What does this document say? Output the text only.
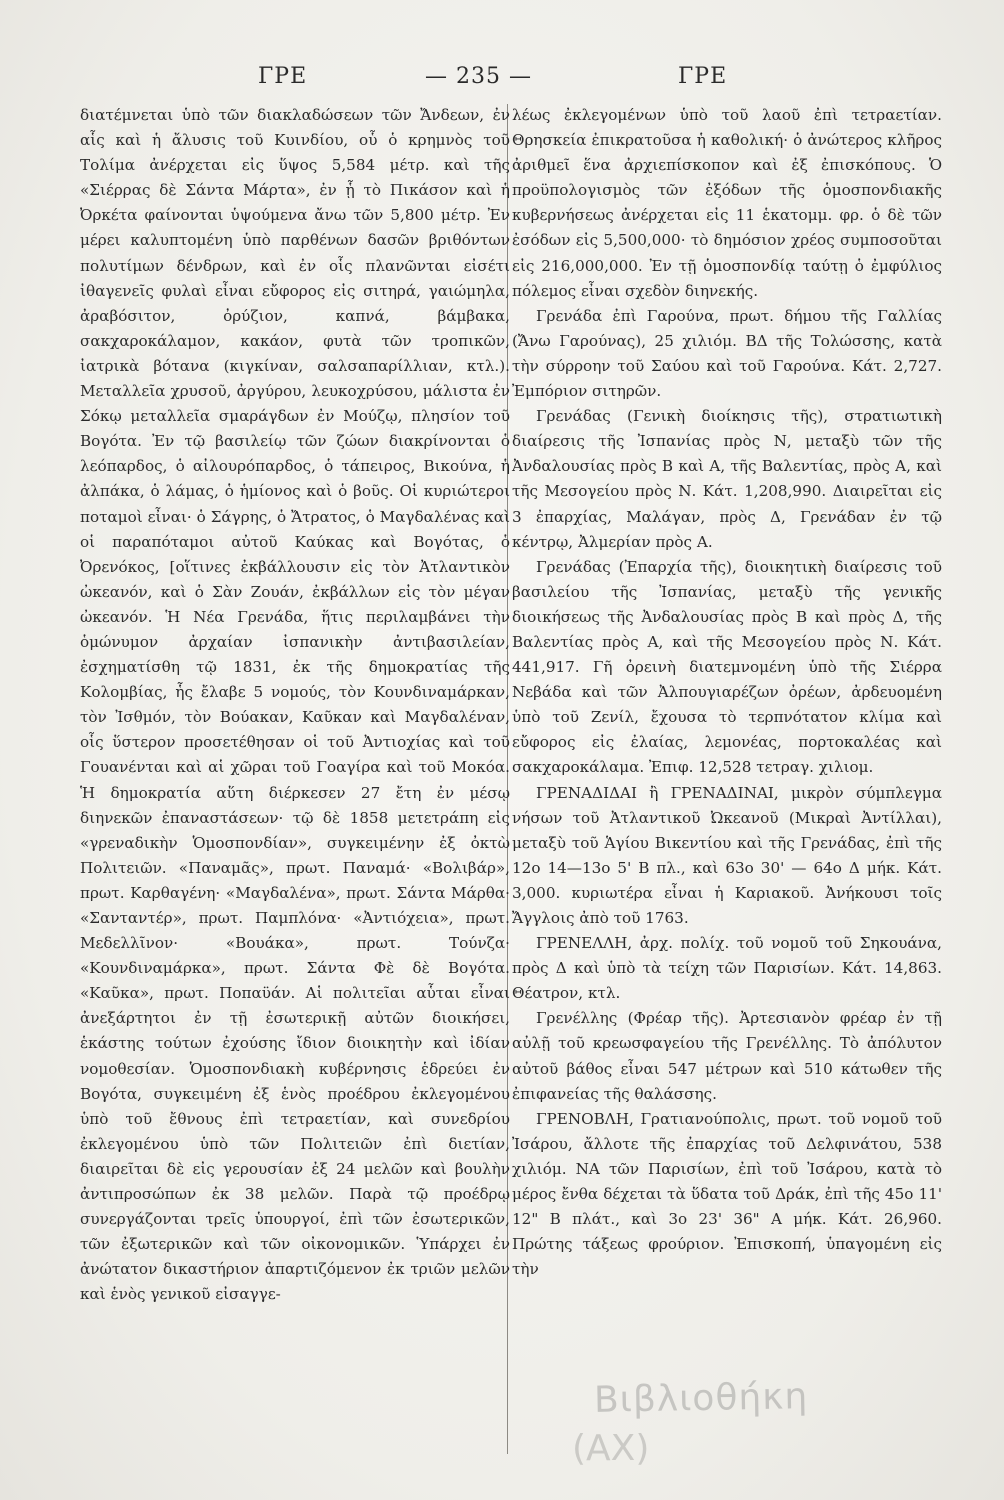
ΓΡΕ	— 235 —	ΓΡΕ

διατέμνεται ὑπὸ τῶν διακλαδώσεων τῶν Ἄνδεων, ἐν αἷς καὶ ἡ ἄλυσις τοῦ Κυινδίου, οὗ ὁ κρημνὸς τοῦ Τολίμα ἀνέρχεται εἰς ὕψος 5,584 μέτρ. καὶ τῆς «Σιέρρας δὲ Σάντα Μάρτα», ἐν ᾗ τὸ Πικάσον καὶ ἡ Ὀρκέτα φαίνονται ὑψούμενα ἄνω τῶν 5,800 μέτρ. Ἐν μέρει καλυπτομένη ὑπὸ παρθένων δασῶν βριθόντων πολυτίμων δένδρων, καὶ ἐν οἷς πλανῶνται εἰσέτι ἰθαγενεῖς φυλαὶ εἶναι εὔφορος εἰς σιτηρά, γαιώμηλα, ἀραβόσιτον, ὀρύζιον, καπνά, βάμβακα, σακχαροκάλαμον, κακάον, φυτὰ τῶν τροπικῶν, ἰατρικὰ βότανα (κιγκίναν, σαλσαπαρίλλιαν, κτλ.). Μεταλλεῖα χρυσοῦ, ἀργύρου, λευκοχρύσου, μάλιστα ἐν Σόκῳ μεταλλεῖα σμαράγδων ἐν Μούζῳ, πλησίον τοῦ Βογότα. Ἐν τῷ βασιλείῳ τῶν ζώων διακρίνονται ὁ λεόπαρδος, ὁ αἰλουρόπαρδος, ὁ τάπειρος, Βικούνα, ἡ ἀλπάκα, ὁ λάμας, ὁ ἡμίονος καὶ ὁ βοῦς. Οἱ κυριώτεροι ποταμοὶ εἶναι· ὁ Σάγρης, ὁ Ἄτρατος, ὁ Μαγδαλένας καὶ οἱ παραπόταμοι αὐτοῦ Καύκας καὶ Βογότας, ὁ Ὀρενόκος, [οἵτινες ἐκβάλλουσιν εἰς τὸν Ἀτλαντικὸν ὠκεανόν, καὶ ὁ Σὰν Ζουάν, ἐκβάλλων εἰς τὸν μέγαν ὠκεανόν. Ἡ Νέα Γρενάδα, ἥτις περιλαμβάνει τὴν ὁμώνυμον ἀρχαίαν ἰσπανικὴν ἀντιβασιλείαν, ἐσχηματίσθη τῷ 1831, ἐκ τῆς δημοκρατίας τῆς Κολομβίας, ἧς ἔλαβε 5 νομούς, τὸν Κουνδιναμάρκαν, τὸν Ἰσθμόν, τὸν Βούακαν, Καῦκαν καὶ Μαγδαλέναν, οἷς ὕστερον προσετέθησαν οἱ τοῦ Ἀντιοχίας καὶ τοῦ Γουανένται καὶ αἱ χῶραι τοῦ Γοαγίρα καὶ τοῦ Μοκόα. Ἡ δημοκρατία αὕτη διέρκεσεν 27 ἔτη ἐν μέσῳ διηνεκῶν ἐπαναστάσεων· τῷ δὲ 1858 μετετράπη εἰς «γρεναδικὴν Ὁμοσπονδίαν», συγκειμένην ἐξ ὀκτὼ Πολιτειῶν. «Παναμᾶς», πρωτ. Παναμά· «Βολιβάρ», πρωτ. Καρθαγένη· «Μαγδαλένα», πρωτ. Σάντα Μάρθα· «Σανταντέρ», πρωτ. Παμπλόνα· «Ἀντιόχεια», πρωτ. Μεδελλῖνον· «Βουάκα», πρωτ. Τούνζα· «Κουνδιναμάρκα», πρωτ. Σάντα Φὲ δὲ Βογότα. «Καῦκα», πρωτ. Ποπαϋάν. Αἱ πολιτεῖαι αὗται εἶναι ἀνεξάρτητοι ἐν τῇ ἐσωτερικῇ αὐτῶν διοικήσει, ἑκάστης τούτων ἐχούσης ἴδιον διοικητὴν καὶ ἰδίαν νομοθεσίαν. Ὁμοσπονδιακὴ κυβέρνησις ἑδρεύει ἐν Βογότα, συγκειμένη ἐξ ἑνὸς προέδρου ἐκλεγομένου ὑπὸ τοῦ ἔθνους ἐπὶ τετραετίαν, καὶ συνεδρίου ἐκλεγομένου ὑπὸ τῶν Πολιτειῶν ἐπὶ διετίαν, διαιρεῖται δὲ εἰς γερουσίαν ἐξ 24 μελῶν καὶ βουλὴν ἀντιπροσώπων ἐκ 38 μελῶν. Παρὰ τῷ προέδρῳ συνεργάζονται τρεῖς ὑπουργοί, ἐπὶ τῶν ἐσωτερικῶν, τῶν ἐξωτερικῶν καὶ τῶν οἰκονομικῶν. Ὑπάρχει ἐν ἀνώτατον δικαστήριον ἀπαρτιζόμενον ἐκ τριῶν μελῶν καὶ ἑνὸς γενικοῦ εἰσαγγε-

λέως ἐκλεγομένων ὑπὸ τοῦ λαοῦ ἐπὶ τετραετίαν. Θρησκεία ἐπικρατοῦσα ἡ καθολική· ὁ ἀνώτερος κλῆρος ἀριθμεῖ ἕνα ἀρχιεπίσκοπον καὶ ἐξ ἐπισκόπους. Ὁ προϋπολογισμὸς τῶν ἐξόδων τῆς ὁμοσπονδιακῆς κυβερνήσεως ἀνέρχεται εἰς 11 ἑκατομμ. φρ. ὁ δὲ τῶν ἐσόδων εἰς 5,500,000· τὸ δημόσιον χρέος συμποσοῦται εἰς 216,000,000. Ἐν τῇ ὁμοσπονδίᾳ ταύτῃ ὁ ἐμφύλιος πόλεμος εἶναι σχεδὸν διηνεκής.

Γρενάδα ἐπὶ Γαρούνα, πρωτ. δήμου τῆς Γαλλίας (Ἄνω Γαρούνας), 25 χιλιόμ. ΒΔ τῆς Τολώσσης, κατὰ τὴν σύρροην τοῦ Σαύου καὶ τοῦ Γαρούνα. Κάτ. 2,727. Ἐμπόριον σιτηρῶν.

Γρενάδας (Γενικὴ διοίκησις τῆς), στρατιωτικὴ διαίρεσις τῆς Ἰσπανίας πρὸς Ν, μεταξὺ τῶν τῆς Ἀνδαλουσίας πρὸς Β καὶ Α, τῆς Βαλεντίας, πρὸς Α, καὶ τῆς Μεσογείου πρὸς Ν. Κάτ. 1,208,990. Διαιρεῖται εἰς 3 ἐπαρχίας, Μαλάγαν, πρὸς Δ, Γρενάδαν ἐν τῷ κέντρῳ, Ἀλμερίαν πρὸς Α.

Γρενάδας (Ἐπαρχία τῆς), διοικητικὴ διαίρεσις τοῦ βασιλείου τῆς Ἰσπανίας, μεταξὺ τῆς γενικῆς διοικήσεως τῆς Ἀνδαλουσίας πρὸς Β καὶ πρὸς Δ, τῆς Βαλεντίας πρὸς Α, καὶ τῆς Μεσογείου πρὸς Ν. Κάτ. 441,917. Γῆ ὀρεινὴ διατεμνομένη ὑπὸ τῆς Σιέρρα Νεβάδα καὶ τῶν Ἀλπουγιαρέζων ὀρέων, ἀρδευομένη ὑπὸ τοῦ Ζενίλ, ἔχουσα τὸ τερπνότατον κλίμα καὶ εὔφορος εἰς ἐλαίας, λεμονέας, πορτοκαλέας καὶ σακχαροκάλαμα. Ἐπιφ. 12,528 τετραγ. χιλιομ.

ΓΡΕΝΑΔΙΔΑΙ ἢ ΓΡΕΝΑΔΙΝΑΙ, μικρὸν σύμπλεγμα νήσων τοῦ Ἀτλαντικοῦ Ὠκεανοῦ (Μικραὶ Ἀντίλλαι), μεταξὺ τοῦ Ἁγίου Βικεντίου καὶ τῆς Γρενάδας, ἐπὶ τῆς 12ο 14—13ο 5' Β πλ., καὶ 63ο 30' — 64ο Δ μήκ. Κάτ. 3,000. κυριωτέρα εἶναι ἡ Καριακοῦ. Ἀνήκουσι τοῖς Ἄγγλοις ἀπὸ τοῦ 1763.

ΓΡΕΝΕΛΛΗ, ἀρχ. πολίχ. τοῦ νομοῦ τοῦ Σηκουάνα, πρὸς Δ καὶ ὑπὸ τὰ τείχη τῶν Παρισίων. Κάτ. 14,863. Θέατρον, κτλ.

Γρενέλλης (Φρέαρ τῆς). Ἀρτεσιανὸν φρέαρ ἐν τῇ αὐλῇ τοῦ κρεωσφαγείου τῆς Γρενέλλης. Τὸ ἀπόλυτον αὐτοῦ βάθος εἶναι 547 μέτρων καὶ 510 κάτωθεν τῆς ἐπιφανείας τῆς θαλάσσης.

ΓΡΕΝΟΒΛΗ, Γρατιανούπολις, πρωτ. τοῦ νομοῦ τοῦ Ἰσάρου, ἄλλοτε τῆς ἐπαρχίας τοῦ Δελφινάτου, 538 χιλιόμ. ΝΑ τῶν Παρισίων, ἐπὶ τοῦ Ἰσάρου, κατὰ τὸ μέρος ἔνθα δέχεται τὰ ὕδατα τοῦ Δράκ, ἐπὶ τῆς 45ο 11' 12" Β πλάτ., καὶ 3ο 23' 36" Α μήκ. Κάτ. 26,960. Πρώτης τάξεως φρούριον. Ἐπισκοπή, ὑπαγομένη εἰς τὴν

Βιβλιοθήκη
(ΑΧ)
